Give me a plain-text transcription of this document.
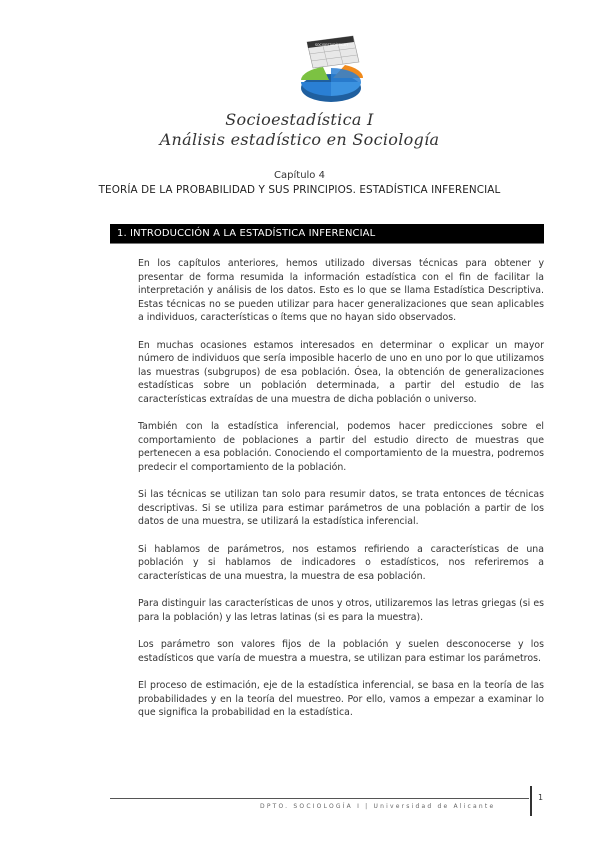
SOCIOESTADÍSTICA I
Socioestadística I
Análisis estadístico en Sociología
Capítulo 4
TEORÍA DE LA PROBABILIDAD Y SUS PRINCIPIOS. ESTADÍSTICA INFERENCIAL
1. INTRODUCCIÓN A LA ESTADÍSTICA INFERENCIAL

En los capítulos anteriores, hemos utilizado diversas técnicas para obtener y presentar de forma resumida la información estadística con el fin de facilitar la interpretación y análisis de los datos. Esto es lo que se llama Estadística Descriptiva. Estas técnicas no se pueden utilizar para hacer generalizaciones que sean aplicables a individuos, características o ítems que no hayan sido observados.

En muchas ocasiones estamos interesados en determinar o explicar un mayor número de individuos que sería imposible hacerlo de uno en uno por lo que utilizamos las muestras (subgrupos) de esa población. Ósea, la obtención de generalizaciones estadísticas sobre un población determinada, a partir del estudio de las características extraídas de una muestra de dicha población o universo.

También con la estadística inferencial, podemos hacer predicciones sobre el comportamiento de poblaciones a partir del estudio directo de muestras que pertenecen a esa población. Conociendo el comportamiento de la muestra, podremos predecir el comportamiento de la población.

Si las técnicas se utilizan tan solo para resumir datos, se trata entonces de técnicas descriptivas. Si se utiliza para estimar parámetros de una población a partir de los datos de una muestra, se utilizará la estadística inferencial.

Si hablamos de parámetros, nos estamos refiriendo a características de una población y si hablamos de indicadores o estadísticos, nos referiremos a características de una muestra, la muestra de esa población.

Para distinguir las características de unos y otros, utilizaremos las letras griegas (si es para la población) y las letras latinas (si es para la muestra).

Los parámetro son valores fijos de la población y suelen desconocerse y los estadísticos que varía de muestra a muestra, se utilizan para estimar los parámetros.

El proceso de estimación, eje de la estadística inferencial, se basa en la teoría de las probabilidades y en la teoría del muestreo. Por ello, vamos a empezar a examinar lo que significa la probabilidad en la estadística.

DPTO. SOCIOLOGÍA I | Universidad de Alicante
1
